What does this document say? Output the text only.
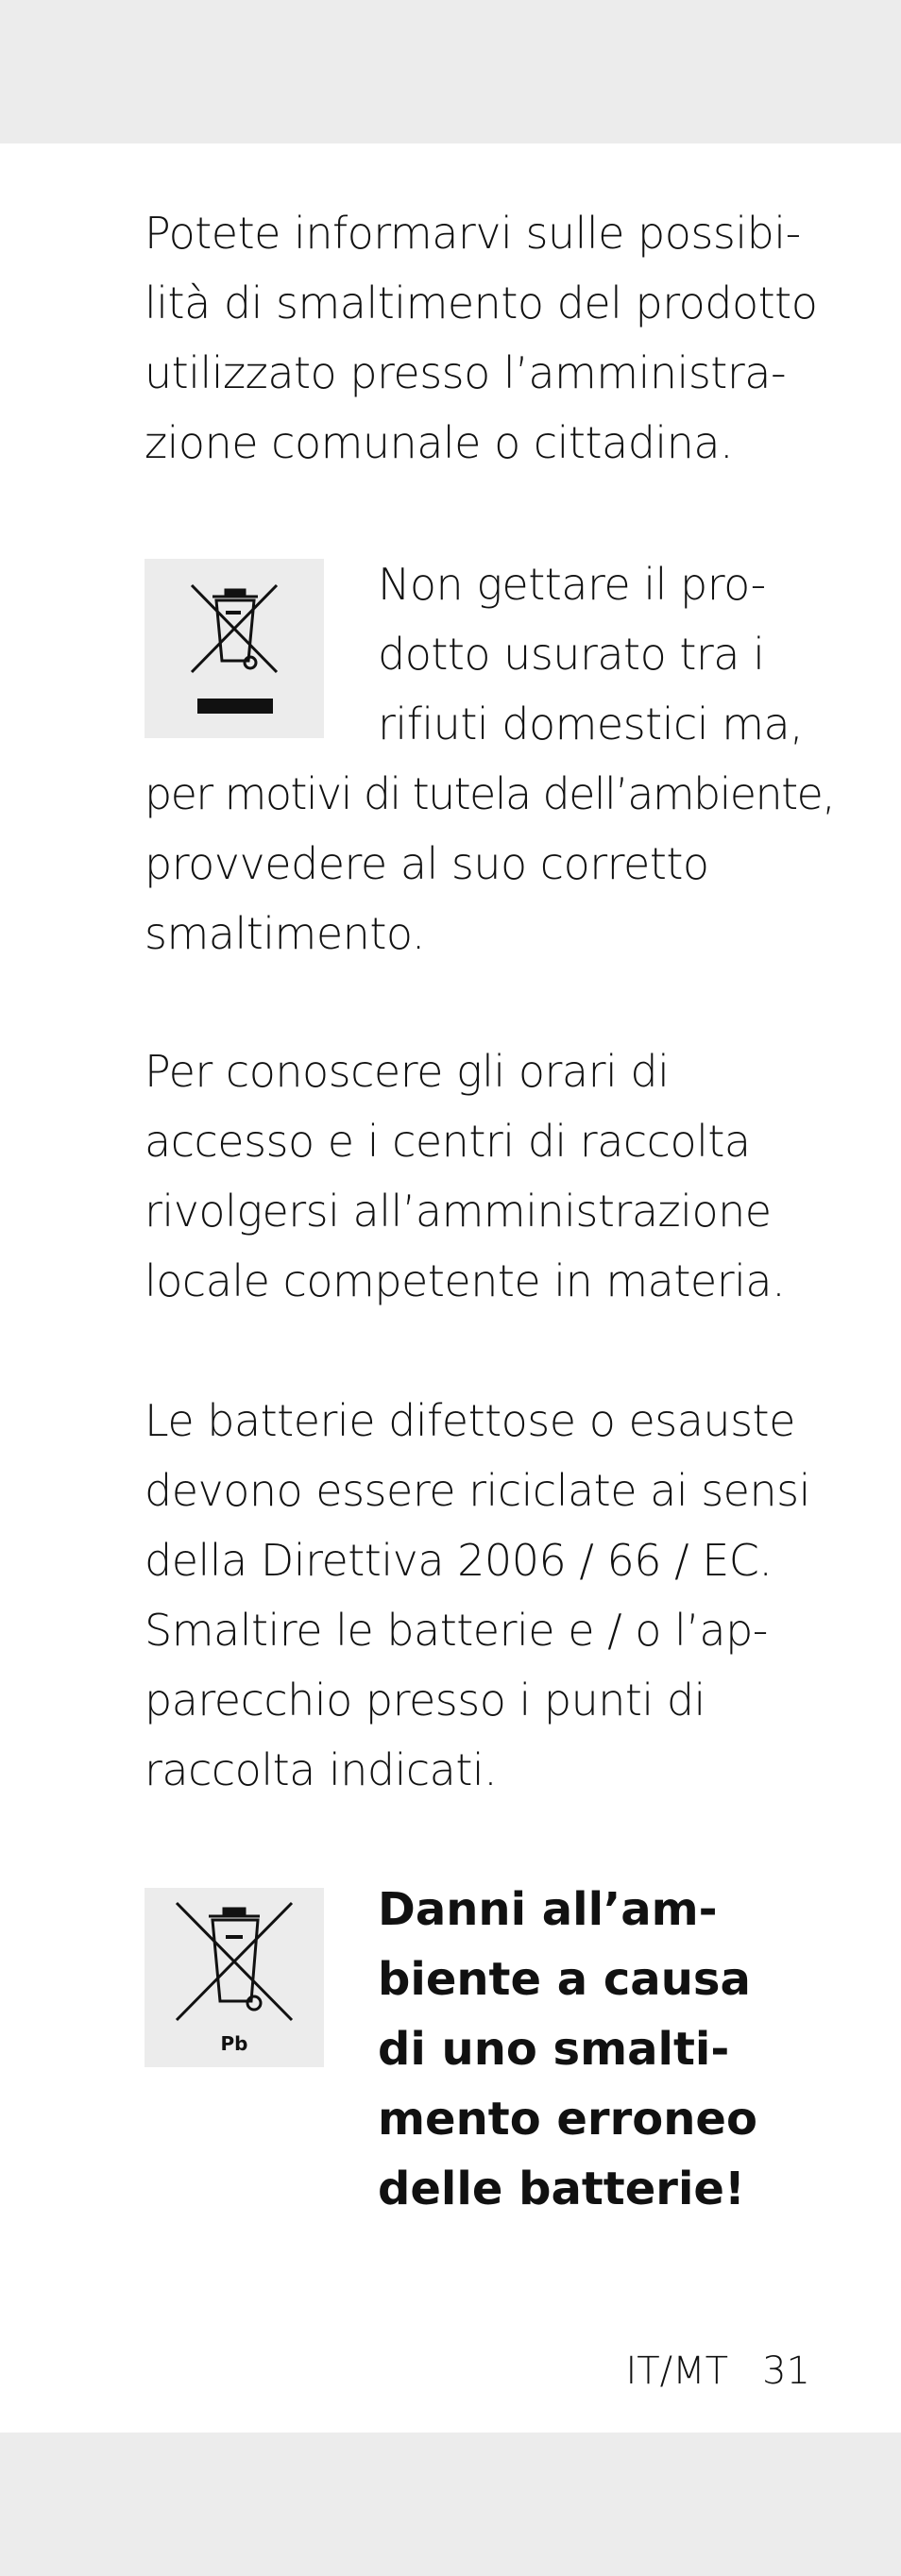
Potete informarvi sulle possibi-
lità di smaltimento del prodotto
utilizzato presso l’amministra-
zione comunale o cittadina.

Non gettare il pro-
dotto usurato tra i
rifiuti domestici ma,

per motivi di tutela dell’ambiente,
provvedere al suo corretto
smaltimento.

Per conoscere gli orari di
accesso e i centri di raccolta
rivolgersi all’amministrazione
locale competente in materia.

Le batterie difettose o esauste
devono essere riciclate ai sensi
della Direttiva 2006 / 66 / EC.
Smaltire le batterie e / o l’ap-
parecchio presso i punti di
raccolta indicati.

Pb

Danni all’am-
biente a causa
di uno smalti-
mento erroneo
delle batterie!

IT/MT 31
